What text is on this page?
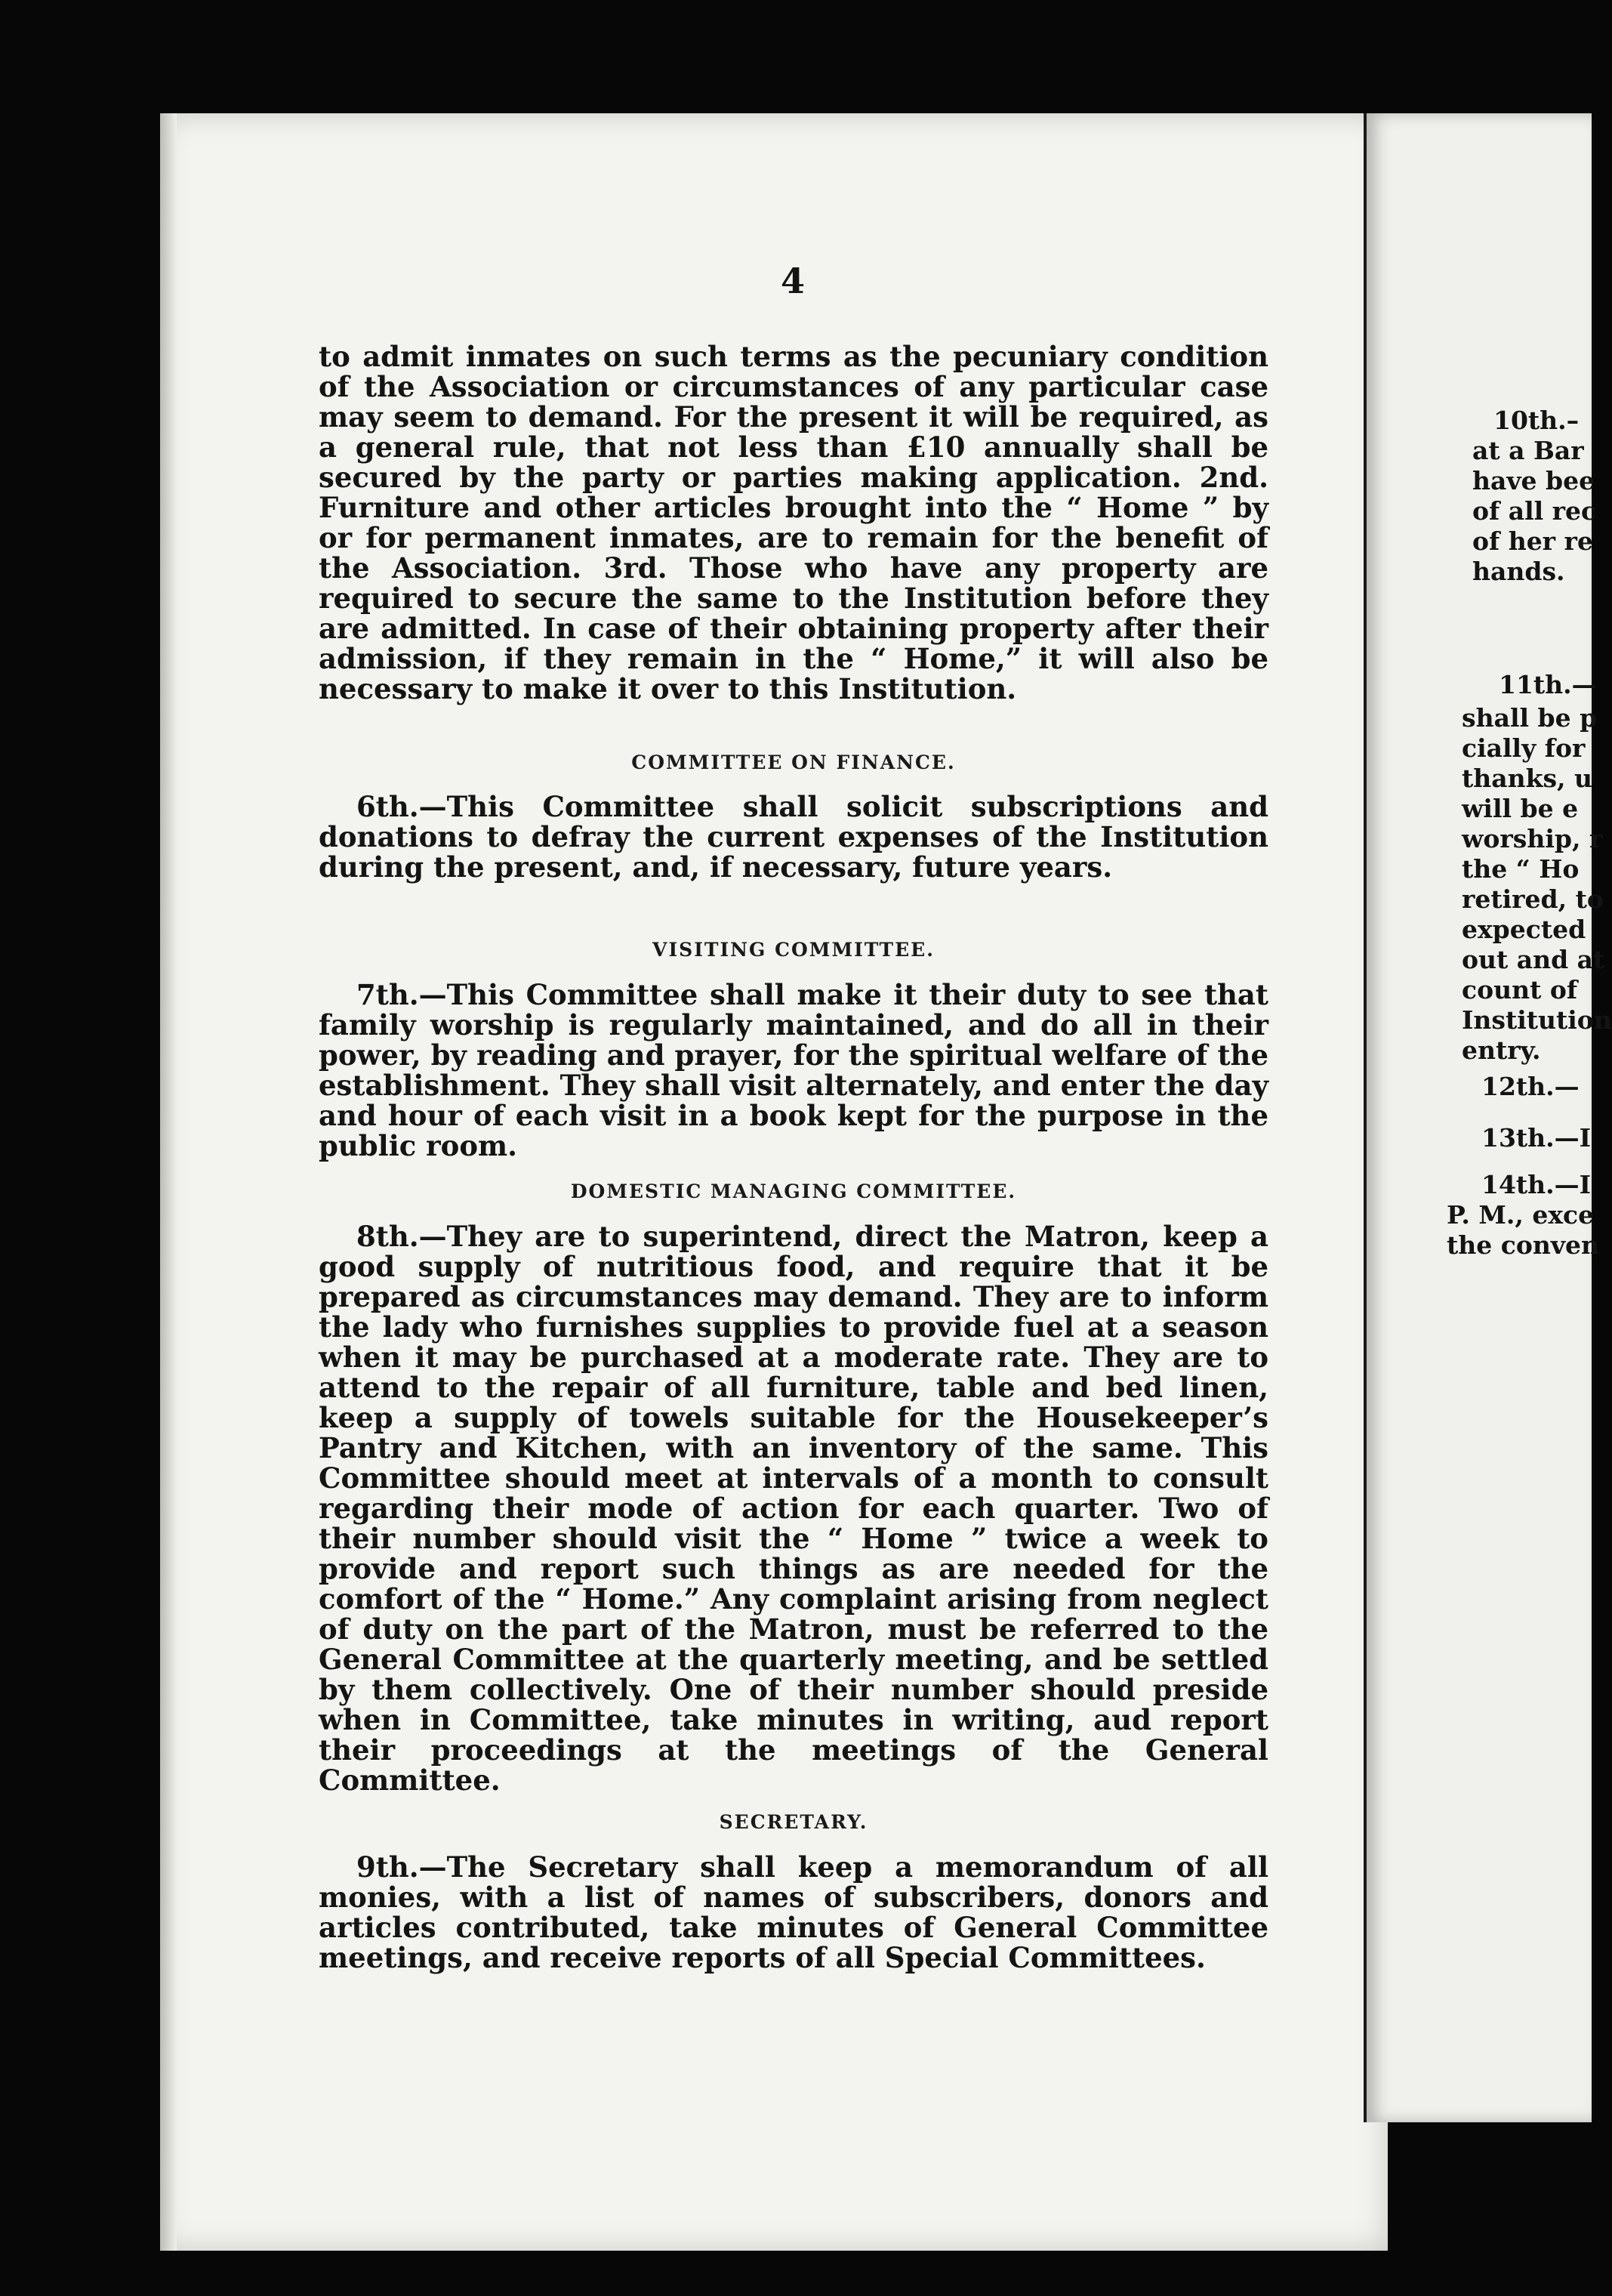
4

to admit inmates on such terms as the pecuniary condition of the Association or circumstances of any particular case may seem to demand. For the present it will be required, as a general rule, that not less than £10 annually shall be secured by the party or parties making application. 2nd. Furniture and other articles brought into the “ Home ” by or for permanent inmates, are to remain for the benefit of the Association. 3rd. Those who have any property are required to secure the same to the Institution before they are admitted. In case of their obtaining property after their admission, if they remain in the “ Home,” it will also be necessary to make it over to this Institution.

COMMITTEE ON FINANCE.

6th.—This Committee shall solicit subscriptions and donations to defray the current expenses of the Institution during the present, and, if necessary, future years.

VISITING COMMITTEE.

7th.—This Committee shall make it their duty to see that family worship is regularly maintained, and do all in their power, by reading and prayer, for the spiritual welfare of the establishment. They shall visit alternately, and enter the day and hour of each visit in a book kept for the purpose in the public room.

DOMESTIC MANAGING COMMITTEE.

8th.—They are to superintend, direct the Matron, keep a good supply of nutritious food, and require that it be prepared as circumstances may demand. They are to inform the lady who furnishes supplies to provide fuel at a season when it may be purchased at a moderate rate. They are to attend to the repair of all furniture, table and bed linen, keep a supply of towels suitable for the Housekeeper’s Pantry and Kitchen, with an inventory of the same. This Committee should meet at intervals of a month to consult regarding their mode of action for each quarter. Two of their number should visit the “ Home ” twice a week to provide and report such things as are needed for the comfort of the “ Home.” Any complaint arising from neglect of duty on the part of the Matron, must be referred to the General Committee at the quarterly meeting, and be settled by them collectively. One of their number should preside when in Committee, take minutes in writing, aud report their proceedings at the meetings of the General Committee.

SECRETARY.

9th.—The Secretary shall keep a memorandum of all monies, with a list of names of subscribers, donors and articles contributed, take minutes of General Committee meetings, and receive reports of all Special Committees.

10th.–
at a Bar
have bee
of all rec
of her re
hands.
11th.—
shall be p
cially for
thanks, u
will be e
worship, r
the “ Ho
retired, to
expected
out and at
count of
Institution
entry.
12th.—
13th.—I
14th.—I
P. M., exce
the conven
